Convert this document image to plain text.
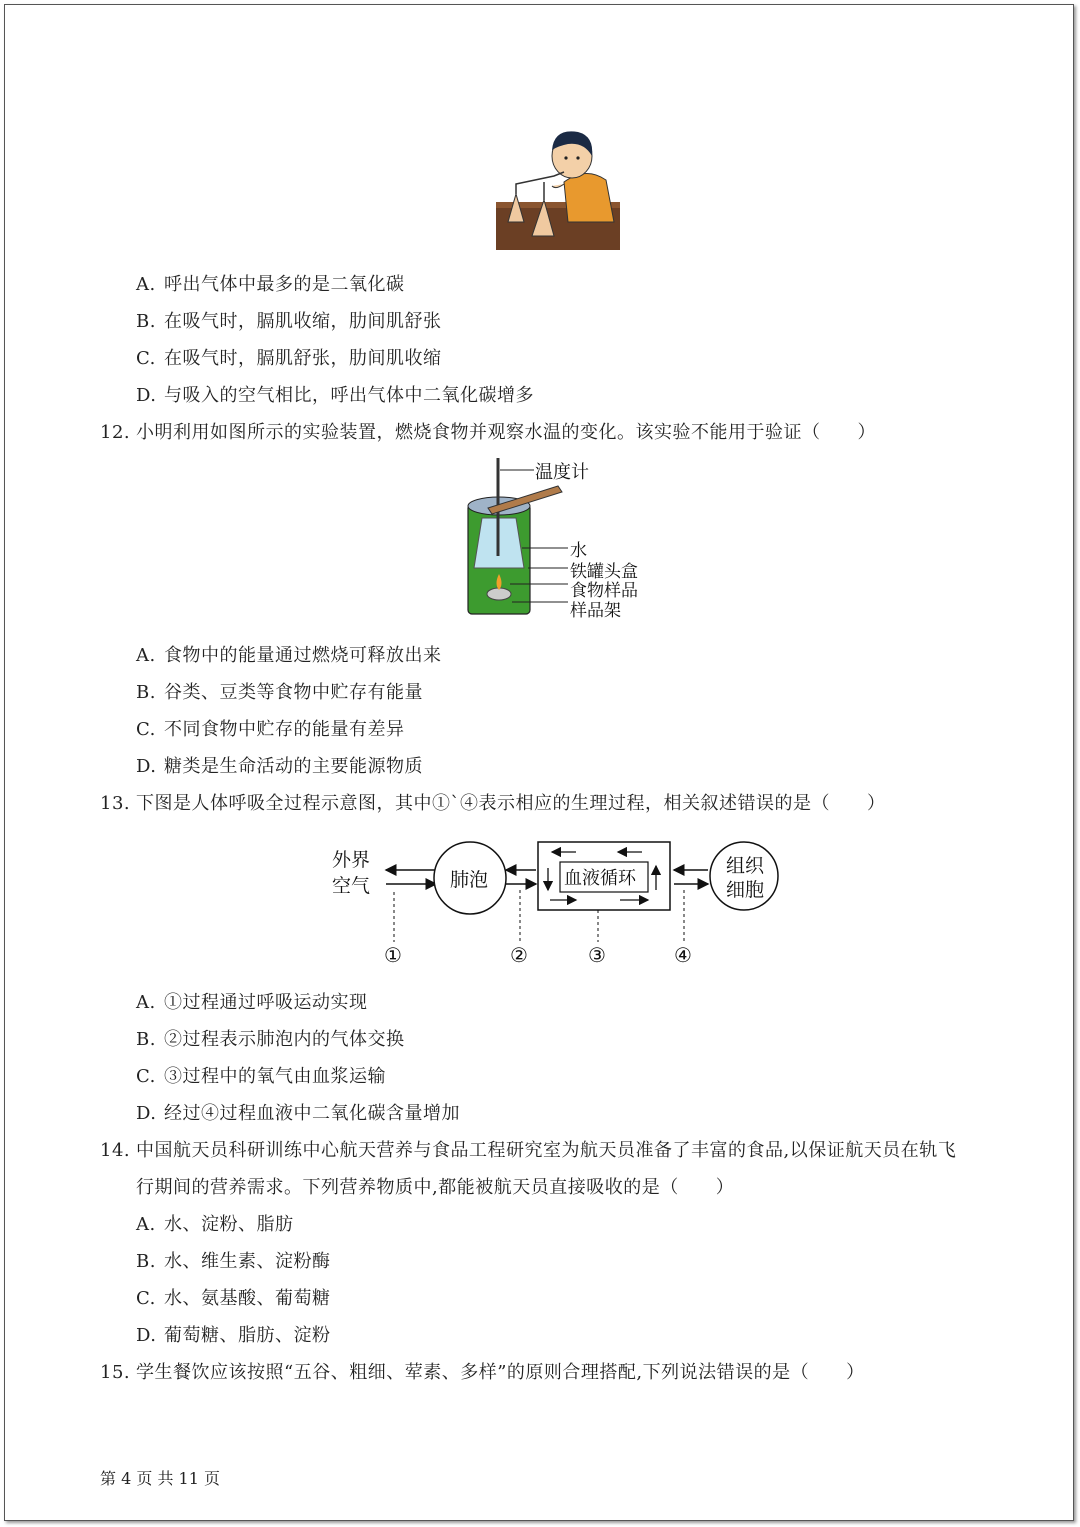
A. 呼出气体中最多的是二氧化碳
B. 在吸气时，膈肌收缩，肋间肌舒张
C. 在吸气时，膈肌舒张，肋间肌收缩
D. 与吸入的空气相比，呼出气体中二氧化碳增多
12. 小明利用如图所示的实验装置，燃烧食物并观察水温的变化。该实验不能用于验证（　　）
温度计
水
铁罐头盒
食物样品
样品架
A. 食物中的能量通过燃烧可释放出来
B. 谷类、豆类等食物中贮存有能量
C. 不同食物中贮存的能量有差异
D. 糖类是生命活动的主要能源物质
13. 下图是人体呼吸全过程示意图，其中①`④表示相应的生理过程，相关叙述错误的是（　　）
外界
空气	肺泡	血液循环
组织
细胞
①	②	③	④
A. ①过程通过呼吸运动实现
B. ②过程表示肺泡内的气体交换
C. ③过程中的氧气由血浆运输
D. 经过④过程血液中二氧化碳含量增加
14. 中国航天员科研训练中心航天营养与食品工程研究室为航天员准备了丰富的食品,以保证航天员在轨飞
行期间的营养需求。下列营养物质中,都能被航天员直接吸收的是（　　）
A. 水、淀粉、脂肪
B. 水、维生素、淀粉酶
C. 水、氨基酸、葡萄糖
D. 葡萄糖、脂肪、淀粉
15. 学生餐饮应该按照“五谷、粗细、荤素、多样”的原则合理搭配,下列说法错误的是（　　）
第 4 页 共 11 页
